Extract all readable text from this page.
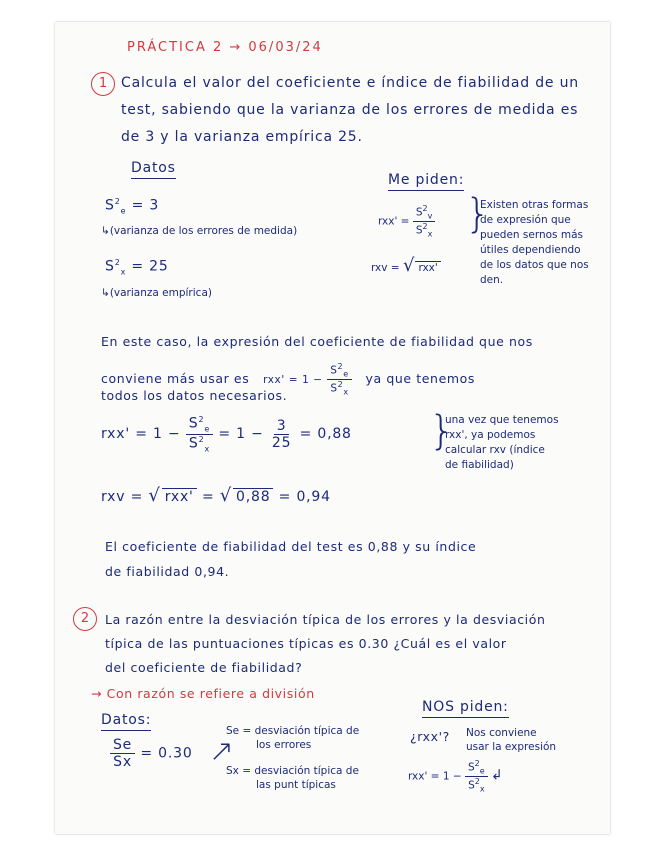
PRÁCTICA 2 → 06/03/24
1 Calcula el valor del coeficiente e índice de fiabilidad de un
test, sabiendo que la varianza de los errores de medida es
de 3 y la varianza empírica 25.
Datos
Me piden:
$S^2_e = 3$
↳(varianza de los errores de medida)
$S^2_x = 25$
↳(varianza empírica)
$rxx' = \frac{S^2_v}{S^2_x}$
rxv = √ rxx'
}
Existen otras formas
de expresión que
pueden sernos más
útiles dependiendo
de los datos que nos
den.
En este caso, la expresión del coeficiente de fiabilidad que nos
conviene más usar es $rxx' = 1 - \frac{S^2_e}{S^2_x}$ ya que tenemos
todos los datos necesarios.
$rxx' = 1 - \frac{S^2_e}{S^2_x} = 1 - \frac{3}{25} = 0,88$ }
una vez que tenemos
rxx', ya podemos
calcular rxv (índice
de fiabilidad)
rxv = √ rxx' = √ 0,88 = 0,94
El coeficiente de fiabilidad del test es 0,88 y su índice
de fiabilidad 0,94.
2	La razón entre la desviación típica de los errores y la desviación
típica de las puntuaciones típicas es 0.30 ¿Cuál es el valor
del coeficiente de fiabilidad?
→ Con razón se refiere a división
Datos:
NOS piden:
$\frac{Se}{Sx} = 0.30$ ↗
Se = desviación típica de
los errores
Sx = desviación típica de
las punt típicas
¿rxx'? Nos conviene
usar la expresión
$rxx' = 1 - \frac{S^2_e}{S^2_x}$ ↲
